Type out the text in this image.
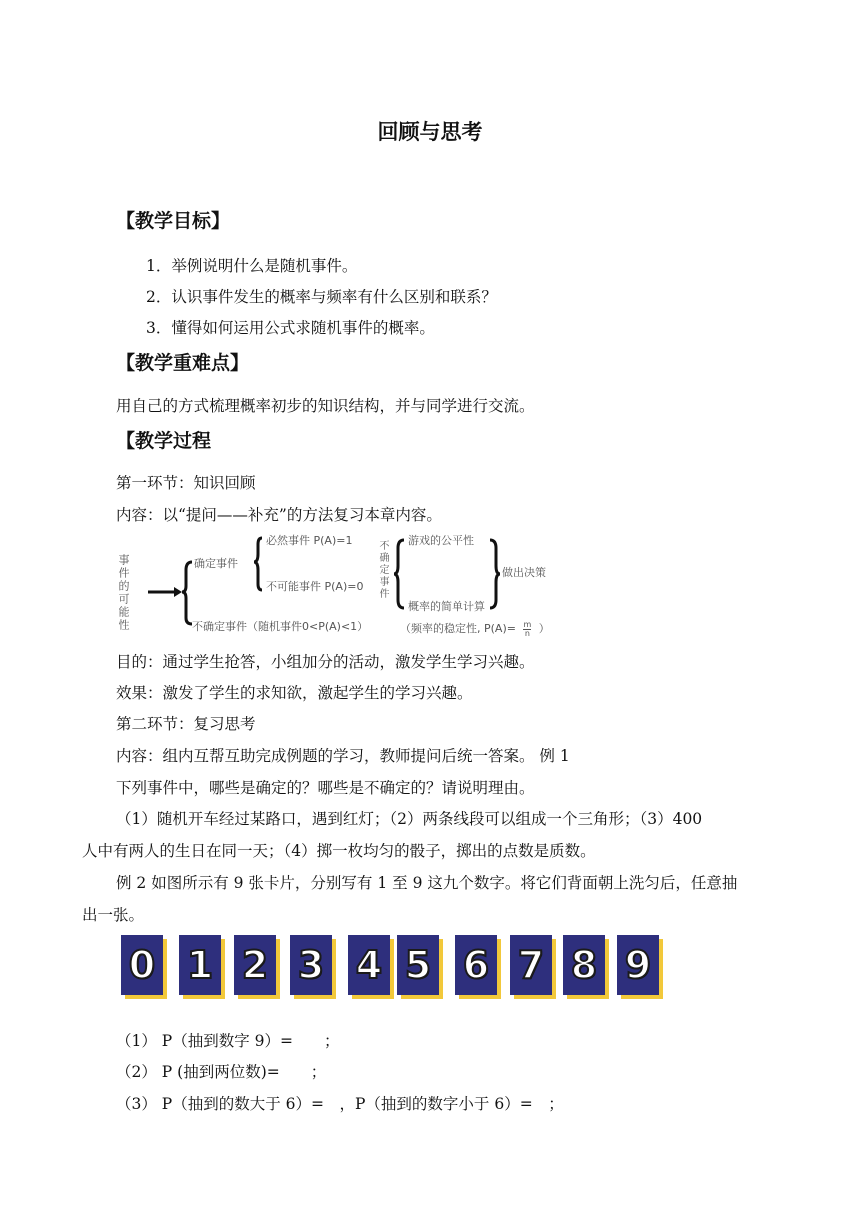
回顾与思考
【教学目标】
1．举例说明什么是随机事件。
2．认识事件发生的概率与频率有什么区别和联系？
3．懂得如何运用公式求随机事件的概率。
【教学重难点】
用自己的方式梳理概率初步的知识结构，并与同学进行交流。
【教学过程
第一环节：知识回顾
内容：以“提问——补充”的方法复习本章内容。
事件的可能性	确定事件
必然事件 P(A)=1
不可能事件 P(A)=0
不确定事件（随机事件0<P(A)<1）
不确定事件 游戏的公平性
概率的简单计算
做出决策
（频率的稳定性, $P(A)= \frac{m}{n}$ ）
目的：通过学生抢答，小组加分的活动，激发学生学习兴趣。
效果：激发了学生的求知欲，激起学生的学习兴趣。
第二环节：复习思考
内容：组内互帮互助完成例题的学习，教师提问后统一答案。 例 1
下列事件中，哪些是确定的？哪些是不确定的？请说明理由。
（1）随机开车经过某路口，遇到红灯；（2）两条线段可以组成一个三角形；（3）400
人中有两人的生日在同一天；（4）掷一枚均匀的骰子，掷出的点数是质数。
例 2 如图所示有 9 张卡片，分别写有 1 至 9 这九个数字。将它们背面朝上洗匀后，任意抽
出一张。
0 1 2 3 4 5 6 7 8 9
（1） P（抽到数字 9）=　　；
（2） P (抽到两位数)=　　；
（3） P（抽到的数大于 6）=　，P（抽到的数字小于 6）=　；
